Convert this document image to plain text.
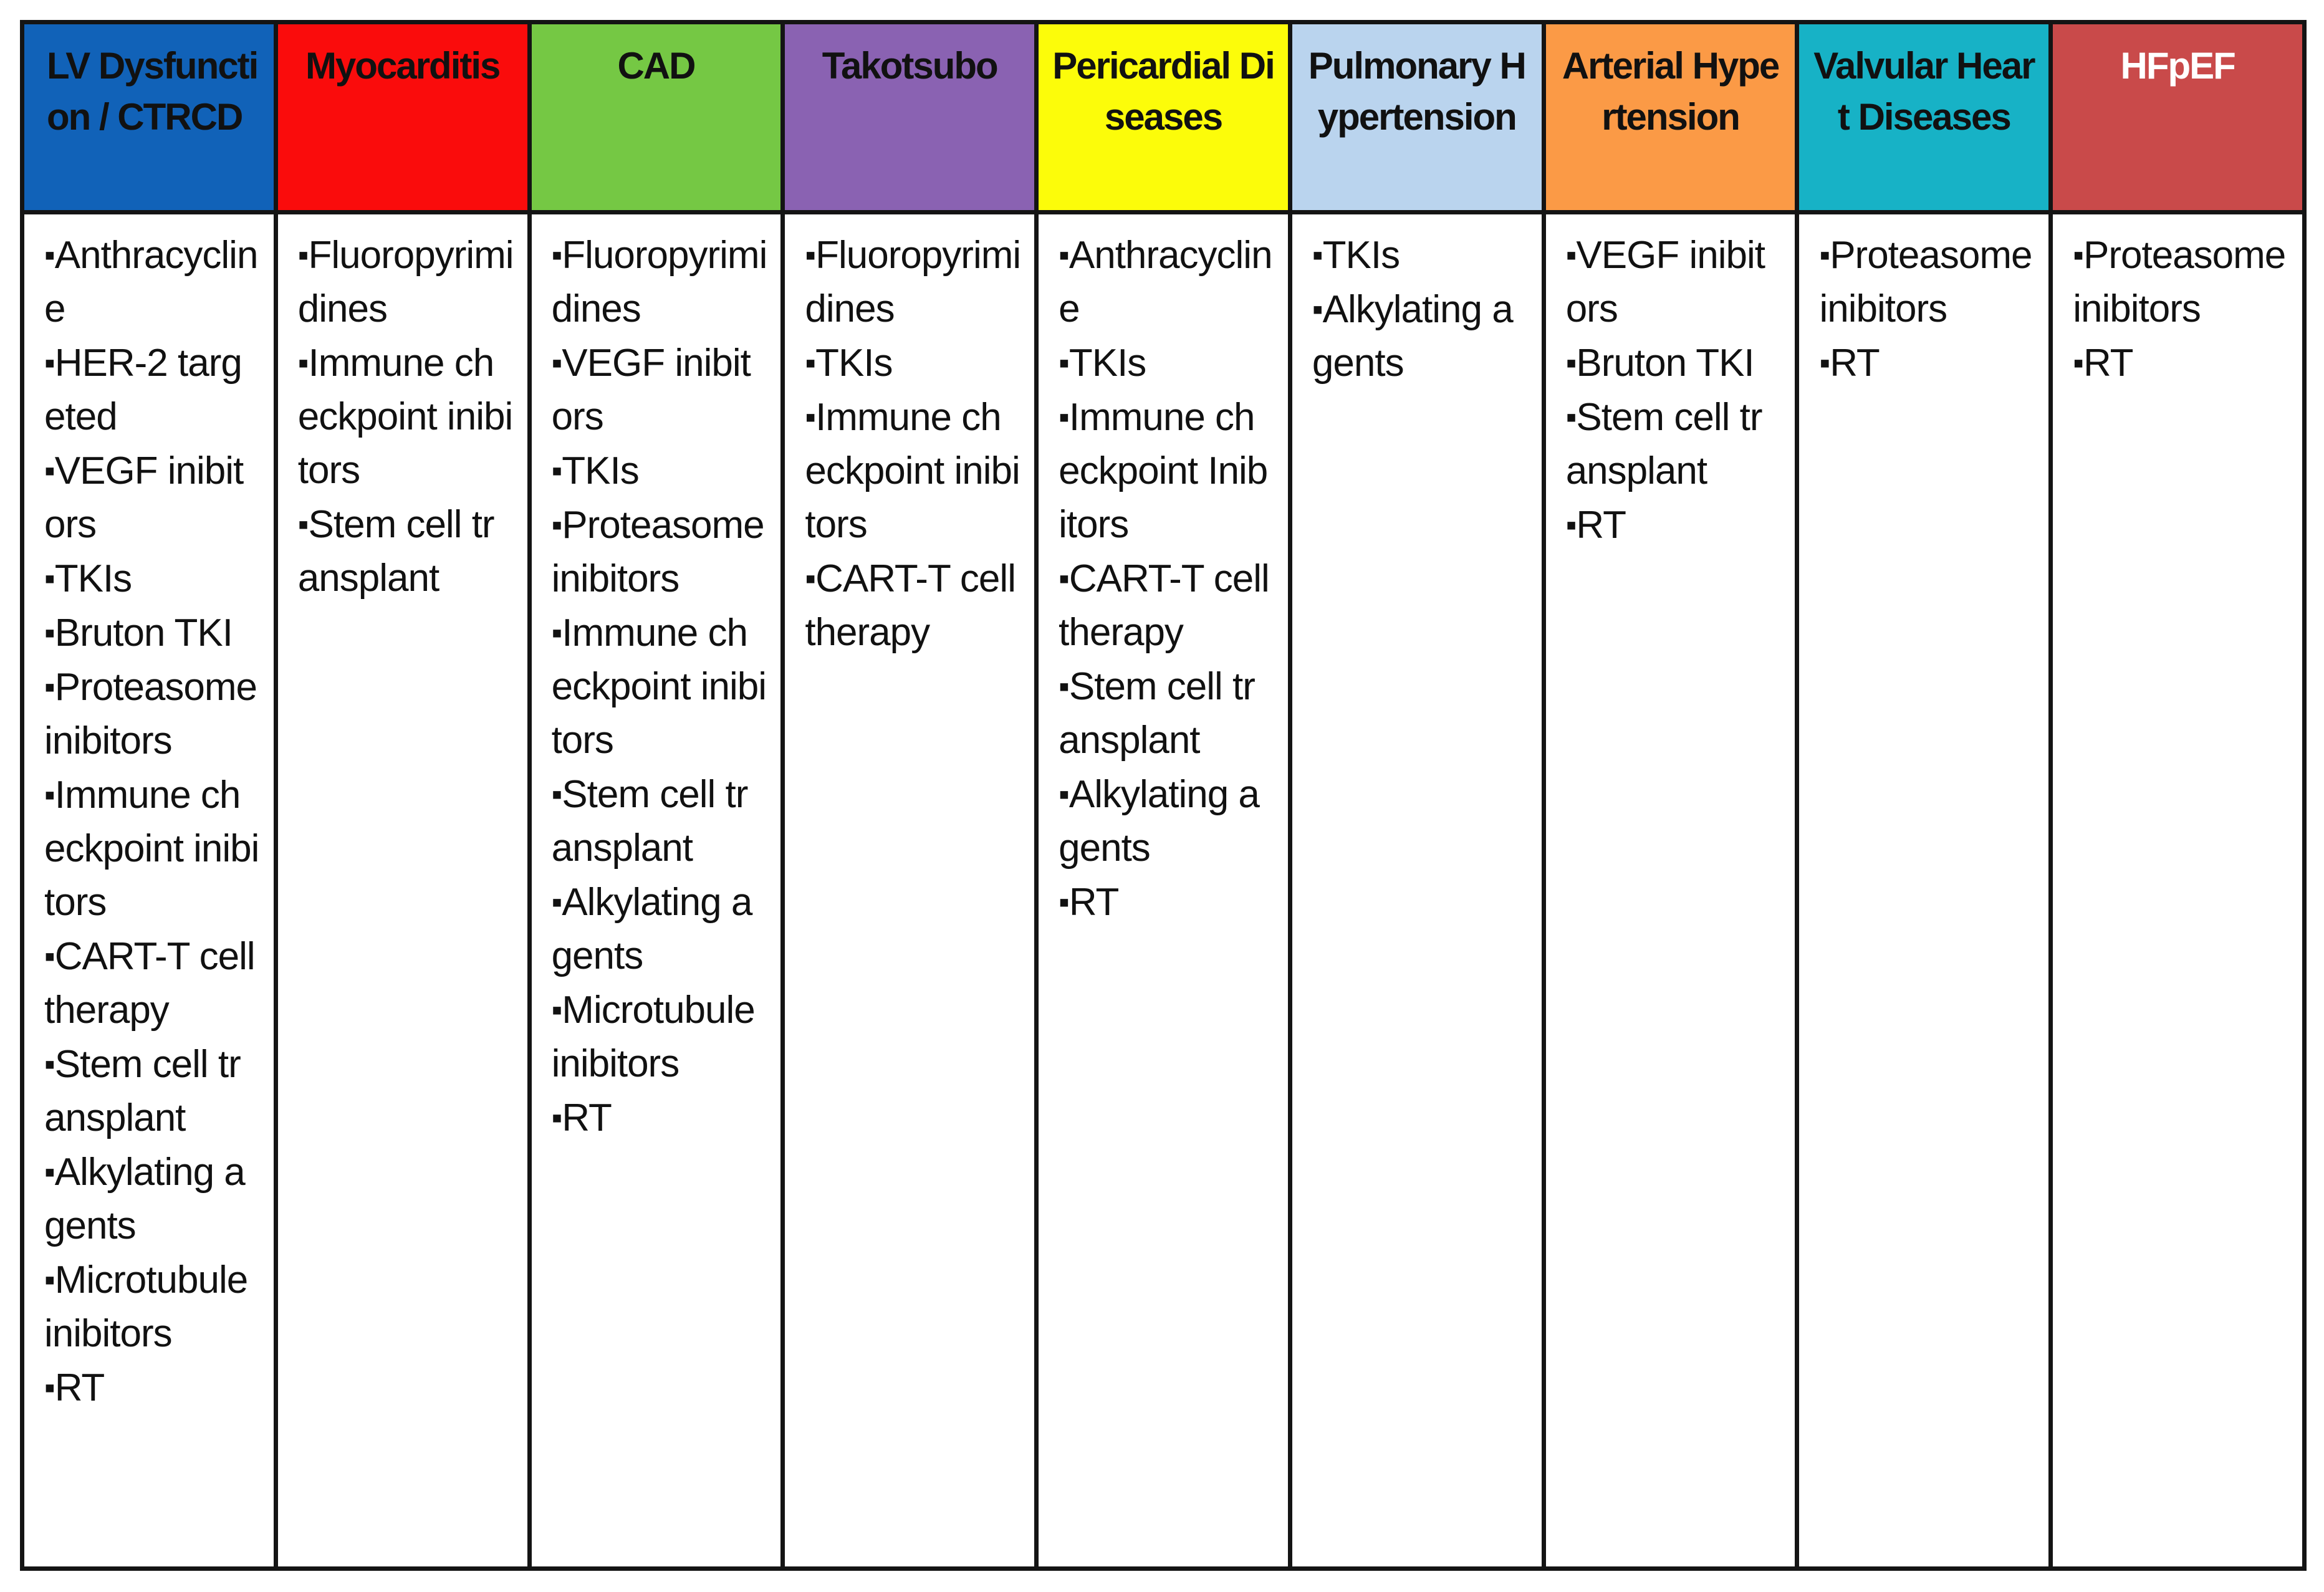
LV Dysfunction / CTRCD
▪Anthracycline
▪HER-2 targeted
▪VEGF inibitors
▪TKIs
▪Bruton TKI
▪Proteasome inibitors
▪Immune checkpoint inibitors
▪CART-T cell therapy
▪Stem cell transplant
▪Alkylating agents
▪Microtubule inibitors
▪RT
Myocarditis
▪Fluoropyrimidines
▪Immune checkpoint inibitors
▪Stem cell transplant
CAD
▪Fluoropyrimidines
▪VEGF inibitors
▪TKIs
▪Proteasome inibitors
▪Immune checkpoint inibitors
▪Stem cell transplant
▪Alkylating agents
▪Microtubule inibitors
▪RT
Takotsubo
▪Fluoropyrimidines
▪TKIs
▪Immune checkpoint inibitors
▪CART-T cell therapy
Pericardial Diseases
▪Anthracycline
▪TKIs
▪Immune checkpoint Inibitors
▪CART-T cell therapy
▪Stem cell transplant
▪Alkylating agents
▪RT
Pulmonary Hypertension
▪TKIs
▪Alkylating agents
Arterial Hypertension
▪VEGF inibitors
▪Bruton TKI
▪Stem cell transplant
▪RT
Valvular Heart Diseases
▪Proteasome inibitors
▪RT
HFpEF
▪Proteasome inibitors
▪RT
